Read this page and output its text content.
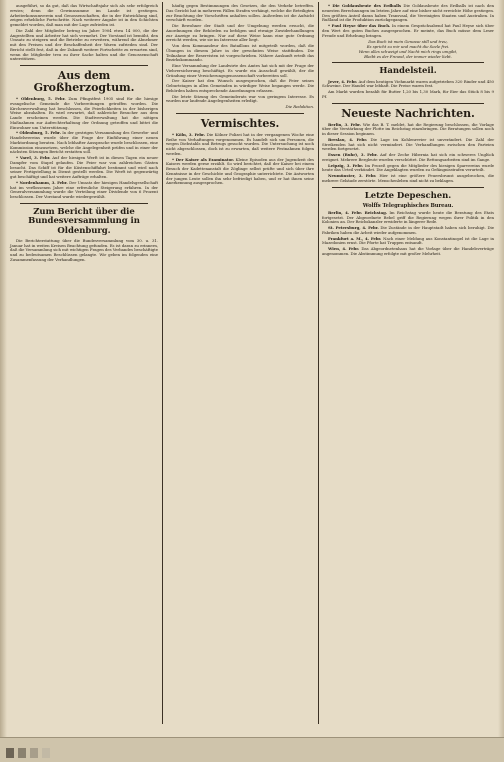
ausgeführt, so da gut, daß das Wirtschaftsjahr sich als sehr erfolgreich erwies; denn die Gewinnsumme im Lande ist gestiegen. Arbeiterkonsumverein und Genossenschaften, die in der Entwicklung sind, zeigen erhebliche Fortschritte. Nach weiterer Angabe ist in den Schichten gemeldet worden, daß man mit der Lage zufrieden ist.

Die Zahl der Mitglieder betrug im Jahre 1904 etwa 14 000, die der Angestellten und Arbeiter hat sich vermehrt. Der Vorstand ist bemüht, den Umsatz zu steigern und die Betriebe zu erweitern, während die Abnehmer mit den Preisen und der Beschaffenheit der Waren zufrieden sind. Der Bericht stellt fest, daß in der Zukunft weitere Fortschritte zu erwarten sind, wenn die Mitglieder treu zu ihrer Sache halten und die Genossenschaft unterstützen.

Aus dem Großherzogtum.

* Oldenburg, 5. Febr. Zum Pfingstfest 1905 sind für die hiesige evangelische Gemeinde die Vorbereitungen getroffen worden. Die Kirchenverwaltung hat beschlossen, die Feierlichkeiten in der bisherigen Weise abzuhalten. Es wird erwartet, daß zahlreiche Besucher aus dem Lande erscheinen werden. Die Stadtverwaltung hat die nötigen Maßnahmen zur Aufrechterhaltung der Ordnung getroffen und bittet die Einwohner um Unterstützung.

* Oldenburg, 5. Febr. In der gestrigen Versammlung des Gewerbe- und Handelsvereins wurde über die Frage der Einführung einer neuen Marktordnung beraten. Nach lebhafter Aussprache wurde beschlossen, eine Kommission einzusetzen, welche die Angelegenheit prüfen und in einer der nächsten Sitzungen Bericht erstatten soll.

* Varel, 3. Febr. Auf der hiesigen Werft ist in diesen Tagen ein neuer Dampfer vom Stapel gelaufen. Die Feier war von zahlreichen Gästen besucht. Das Schiff ist für die Küstenschiffahrt bestimmt und wird nach seiner Fertigstellung in Dienst gestellt werden. Die Werft ist gegenwärtig gut beschäftigt und hat weitere Aufträge erhalten.

* Nordenhamm, 3. Febr. Der Umsatz der hiesigen Handelsgesellschaft hat im verflossenen Jahre eine erfreuliche Steigerung erfahren. In der Generalversammlung wurde die Verteilung einer Dividende von 6 Prozent beschlossen. Der Vorstand wurde wiedergewählt.

Zum Bericht über die Bundesversammlung in Oldenburg.

Die Berichterstattung über die Bundesversammlung vom 30. u. 31. Januar hat in weiten Kreisen Beachtung gefunden. Es ist daran zu erinnern, daß die Versammlung sich mit wichtigen Fragen des Verbandes beschäftigte und zu bedeutsamen Beschlüssen gelangte. Wir geben im folgenden eine Zusammenfassung der Verhandlungen.

häufig gegen Bestimmungen des Gesetzes, die den Verkehr betreffen. Das Gericht hat in mehreren Fällen Strafen verhängt, welche die Beteiligten zur Beachtung der Vorschriften anhalten sollen. Außerdem ist die Aufsicht verschärft worden.

Die Bewohner der Stadt und der Umgebung werden ersucht, die Anordnungen der Behörden zu befolgen und etwaige Zuwiderhandlungen zur Anzeige zu bringen. Nur auf diese Weise kann eine gute Ordnung erreicht werden, wie sie im Interesse aller liegt.

Von dem Kommandeur des Bataillons ist mitgeteilt worden, daß die Übungen in diesem Jahre in der gewohnten Weise stattfinden. Die Teilnahme der Reservisten ist vorgeschrieben. Nähere Auskunft erteilt das Bezirkskommando.

Eine Versammlung der Landwirte des Amtes hat sich mit der Frage der Viehversicherung beschäftigt. Es wurde ein Ausschuß gewählt, der die Gründung einer Versicherungsgenossenschaft vorbereiten soll.

Der Kaiser hat den Wunsch ausgesprochen, daß die Feier seines Geburtstages in allen Gemeinden in würdiger Weise begangen werde. Die Behörden haben entsprechende Anordnungen erlassen.

Die letzte Sitzung des Gemeinderats war von geringem Interesse. Es wurden nur laufende Angelegenheiten erledigt.

Die Redaktion.
Vermischtes.

* Köln, 3. Febr. Die Kölner Polizei hat in der vergangenen Woche eine Reihe von Verhaftungen vorgenommen. Es handelt sich um Personen, die wegen Diebstahls und Betrugs gesucht wurden. Die Untersuchung ist noch nicht abgeschlossen, doch ist zu erwarten, daß weitere Festnahmen folgen werden.

* Der Kaiser als Examinator. Kleine Episoden aus der Jugendzeit des Kaisers werden gerne erzählt. So wird berichtet, daß der Kaiser bei einem Besuch der Kadettenanstalt die Zöglinge selbst prüfte und sich über ihre Kenntnisse in der Geschichte und Geographie unterrichtete. Die Antworten der jungen Leute sollen ihn sehr befriedigt haben, und er hat ihnen seine Anerkennung ausgesprochen.

* Die Goldausbeute des Erdballs Die Goldausbeute des Erdballs ist nach den neuesten Berechnungen im letzten Jahre auf eine bisher nicht erreichte Höhe gestiegen. Den größten Anteil daran haben Transvaal, die Vereinigten Staaten und Australien. In Rußland ist die Produktion zurückgegangen.

* Paul Heyse über das Buch. In einem Gesprächsabend hat Paul Heyse sich über den Wert des guten Buches ausgesprochen. Er meinte, das Buch müsse dem Leser Freude und Erhebung bringen.

Das Buch ist mein Genosse still und treu,
Es spricht zu mir und macht die Seele frei.
Wenn alles schweigt und Nacht mich rings umgibt,
Bleibt es der Freund, der immer wieder liebt.
Handelsteil.

Jever, 4. Febr. Auf dem heutigen Viehmarkt waren aufgetrieben 320 Rinder und 450 Schweine. Der Handel war lebhaft. Die Preise waren fest.

Am Markt wurden bezahlt für Butter 1,20 bis 1,30 Mark, für Eier das Stück 8 bis 9 Pf.

Neueste Nachrichten.

Berlin, 3. Febr. Wie das B. T. meldet, hat die Regierung beschlossen, die Vorlage über die Verstärkung der Flotte im Reichstag einzubringen. Die Beratungen sollen noch in dieser Session beginnen.

Breslau, 4. Febr. Die Lage im Kohlenrevier ist unverändert. Die Zahl der Streikenden hat sich nicht vermindert. Die Verhandlungen zwischen den Parteien werden fortgesetzt.

Essen (Ruhr), 3. Febr. Auf der Zeche Hibernia hat sich ein schweres Unglück ereignet. Mehrere Bergleute wurden verschüttet. Die Rettungsarbeiten sind im Gange.

Leipzig, 3. Febr. Im Prozeß gegen die Mitglieder des hiesigen Sparvereins wurde heute das Urteil verkündet. Die Angeklagten wurden zu Gefängnisstrafen verurteilt.

Neumünster, 3. Febr. Hier ist eine größere Feuersbrunst ausgebrochen, die mehrere Gebäude zerstörte. Menschenleben sind nicht zu beklagen.

Letzte Depeschen.
Wolffs Telegraphisches Bureau.

Berlin, 4. Febr. Reichstag. Im Reichstag wurde heute die Beratung des Etats fortgesetzt. Der Abgeordnete Bebel griff die Regierung wegen ihrer Politik in den Kolonien an. Der Reichskanzler erwiderte in längerer Rede.

St. Petersburg, 4. Febr. Die Zustände in der Hauptstadt haben sich beruhigt. Die Fabriken haben die Arbeit wieder aufgenommen.

Frankfurt a. M., 4. Febr. Nach einer Meldung aus Konstantinopel ist die Lage in Mazedonien ernst. Die Pforte hat Truppen entsandt.

Wien, 4. Febr. Das Abgeordnetenhaus hat die Vorlage über die Handelsverträge angenommen. Die Abstimmung erfolgte mit großer Mehrheit.
